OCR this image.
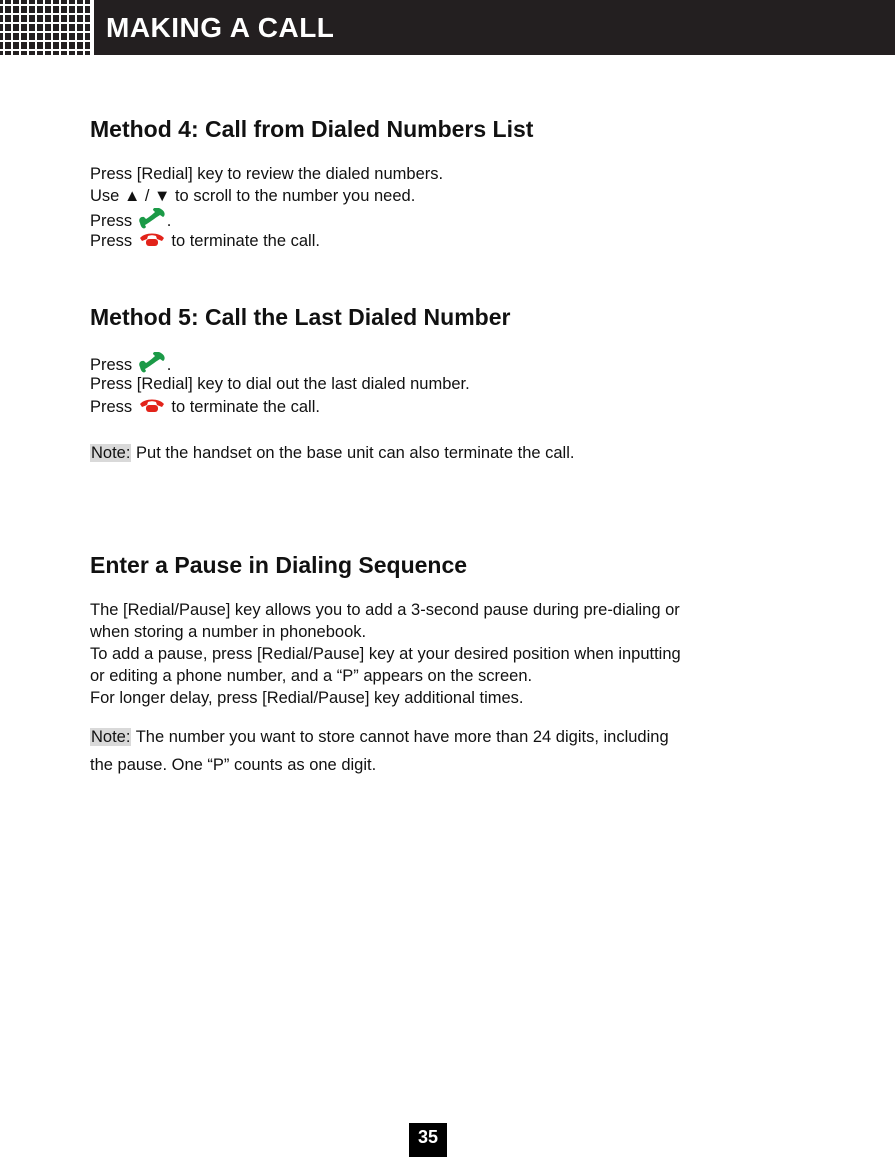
MAKING A CALL
Method 4: Call from Dialed Numbers List

Press [Redial] key to review the dialed numbers.

Use ▲ / ▼ to scroll to the number you need.

Press .

Press to terminate the call.

Method 5: Call the Last Dialed Number

Press .

Press [Redial] key to dial out the last dialed number.

Press to terminate the call.

Note: Put the handset on the base unit can also terminate the call.

Enter a Pause in Dialing Sequence

The [Redial/Pause] key allows you to add a 3-second pause during pre-dialing or

when storing a number in phonebook.

To add a pause, press [Redial/Pause] key at your desired position when inputting

or editing a phone number, and a “P” appears on the screen.

For longer delay, press [Redial/Pause] key additional times.

Note: The number you want to store cannot have more than 24 digits, including

the pause. One “P” counts as one digit.

35
